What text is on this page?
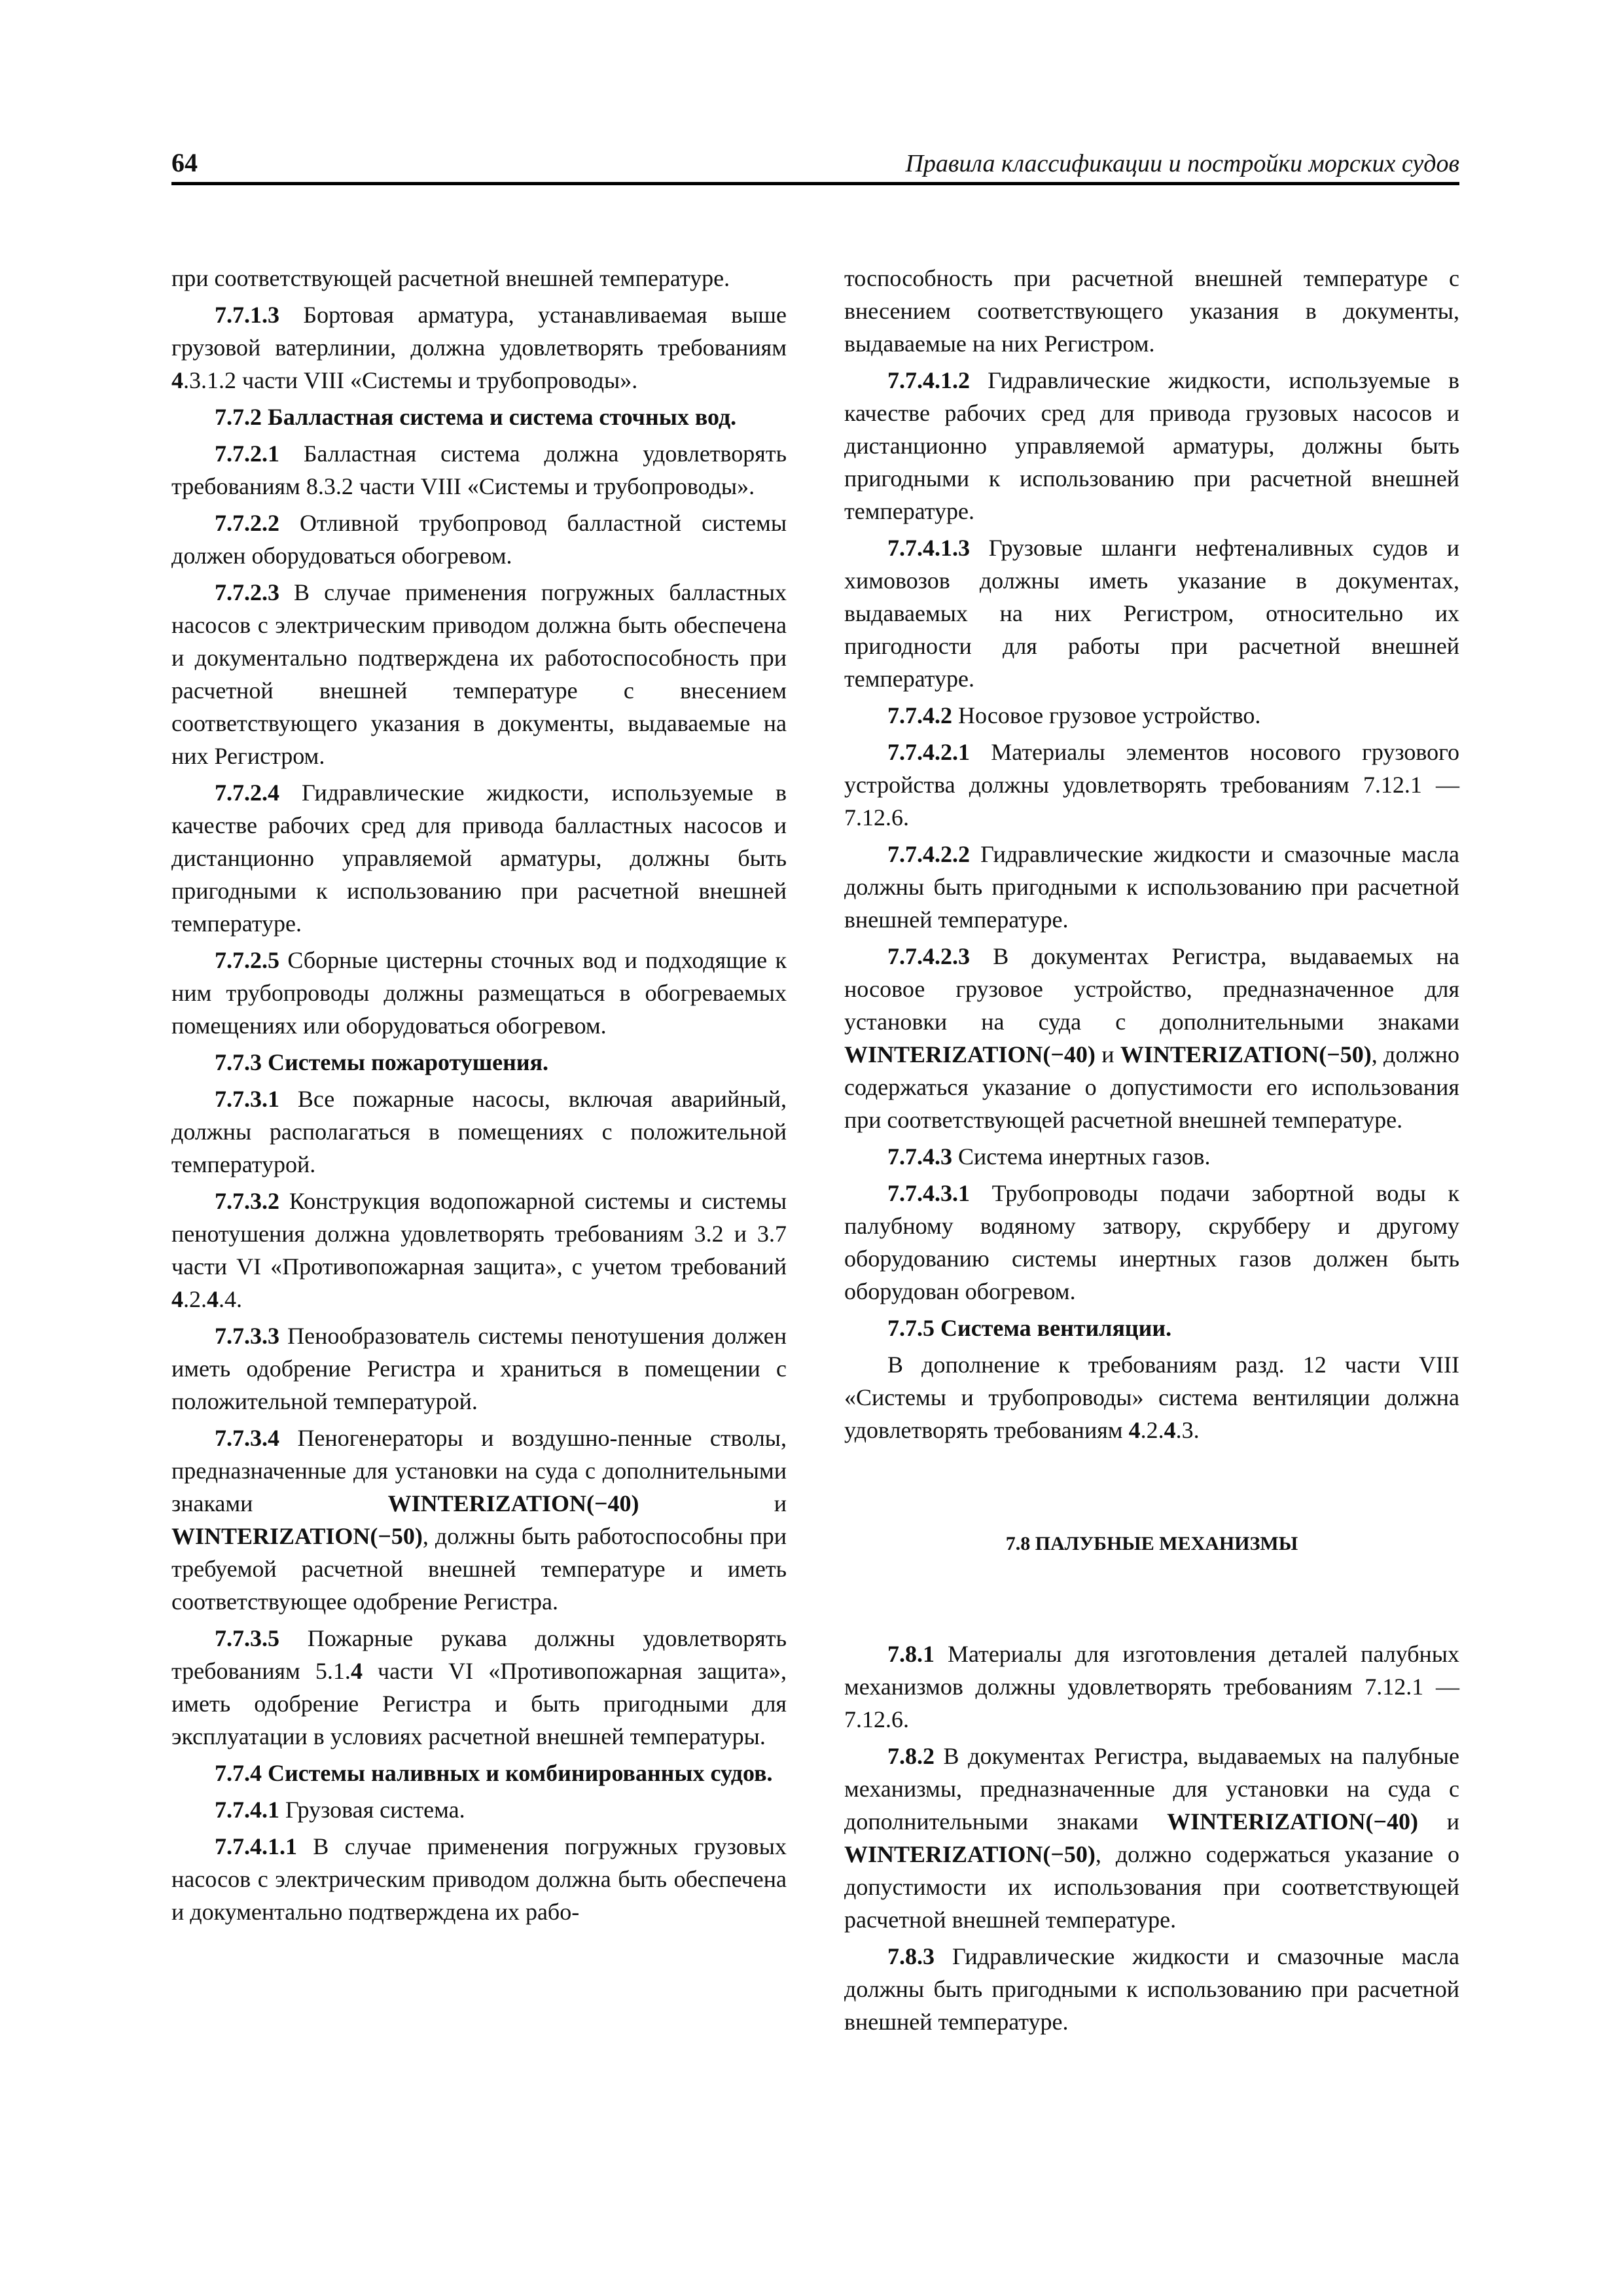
64	Правила классификации и постройки морских судов

при соответствующей расчетной внешней температуре.

7.7.1.3 Бортовая арматура, устанавливаемая выше грузовой ватерлинии, должна удовлетворять требованиям 4.3.1.2 части VIII «Системы и трубопроводы».

7.7.2 Балластная система и система сточных вод.

7.7.2.1 Балластная система должна удовлетворять требованиям 8.3.2 части VIII «Системы и трубопроводы».

7.7.2.2 Отливной трубопровод балластной системы должен оборудоваться обогревом.

7.7.2.3 В случае применения погружных балластных насосов с электрическим приводом должна быть обеспечена и документально подтверждена их работоспособность при расчетной внешней температуре с внесением соответствующего указания в документы, выдаваемые на них Регистром.

7.7.2.4 Гидравлические жидкости, используемые в качестве рабочих сред для привода балластных насосов и дистанционно управляемой арматуры, должны быть пригодными к использованию при расчетной внешней температуре.

7.7.2.5 Сборные цистерны сточных вод и подходящие к ним трубопроводы должны размещаться в обогреваемых помещениях или оборудоваться обогревом.

7.7.3 Системы пожаротушения.

7.7.3.1 Все пожарные насосы, включая аварийный, должны располагаться в помещениях с положительной температурой.

7.7.3.2 Конструкция водопожарной системы и системы пенотушения должна удовлетворять требованиям 3.2 и 3.7 части VI «Противопожарная защита», с учетом требований 4.2.4.4.

7.7.3.3 Пенообразователь системы пенотушения должен иметь одобрение Регистра и храниться в помещении с положительной температурой.

7.7.3.4 Пеногенераторы и воздушно-пенные стволы, предназначенные для установки на суда с дополнительными знаками WINTERIZATION(−40) и WINTERIZATION(−50), должны быть работоспособны при требуемой расчетной внешней температуре и иметь соответствующее одобрение Регистра.

7.7.3.5 Пожарные рукава должны удовлетворять требованиям 5.1.4 части VI «Противопожарная защита», иметь одобрение Регистра и быть пригодными для эксплуатации в условиях расчетной внешней температуры.

7.7.4 Системы наливных и комбинированных судов.

7.7.4.1 Грузовая система.

7.7.4.1.1 В случае применения погружных грузовых насосов с электрическим приводом должна быть обеспечена и документально подтверждена их рабо-

тоспособность при расчетной внешней температуре с внесением соответствующего указания в документы, выдаваемые на них Регистром.

7.7.4.1.2 Гидравлические жидкости, используемые в качестве рабочих сред для привода грузовых насосов и дистанционно управляемой арматуры, должны быть пригодными к использованию при расчетной внешней температуре.

7.7.4.1.3 Грузовые шланги нефтеналивных судов и химовозов должны иметь указание в документах, выдаваемых на них Регистром, относительно их пригодности для работы при расчетной внешней температуре.

7.7.4.2 Носовое грузовое устройство.

7.7.4.2.1 Материалы элементов носового грузового устройства должны удовлетворять требованиям 7.12.1 — 7.12.6.

7.7.4.2.2 Гидравлические жидкости и смазочные масла должны быть пригодными к использованию при расчетной внешней температуре.

7.7.4.2.3 В документах Регистра, выдаваемых на носовое грузовое устройство, предназначенное для установки на суда с дополнительными знаками WINTERIZATION(−40) и WINTERIZATION(−50), должно содержаться указание о допустимости его использования при соответствующей расчетной внешней температуре.

7.7.4.3 Система инертных газов.

7.7.4.3.1 Трубопроводы подачи забортной воды к палубному водяному затвору, скрубберу и другому оборудованию системы инертных газов должен быть оборудован обогревом.

7.7.5 Система вентиляции.

В дополнение к требованиям разд. 12 части VIII «Системы и трубопроводы» система вентиляции должна удовлетворять требованиям 4.2.4.3.

7.8 ПАЛУБНЫЕ МЕХАНИЗМЫ

7.8.1 Материалы для изготовления деталей палубных механизмов должны удовлетворять требованиям 7.12.1 — 7.12.6.

7.8.2 В документах Регистра, выдаваемых на палубные механизмы, предназначенные для установки на суда с дополнительными знаками WINTERIZATION(−40) и WINTERIZATION(−50), должно содержаться указание о допустимости их использования при соответствующей расчетной внешней температуре.

7.8.3 Гидравлические жидкости и смазочные масла должны быть пригодными к использованию при расчетной внешней температуре.
